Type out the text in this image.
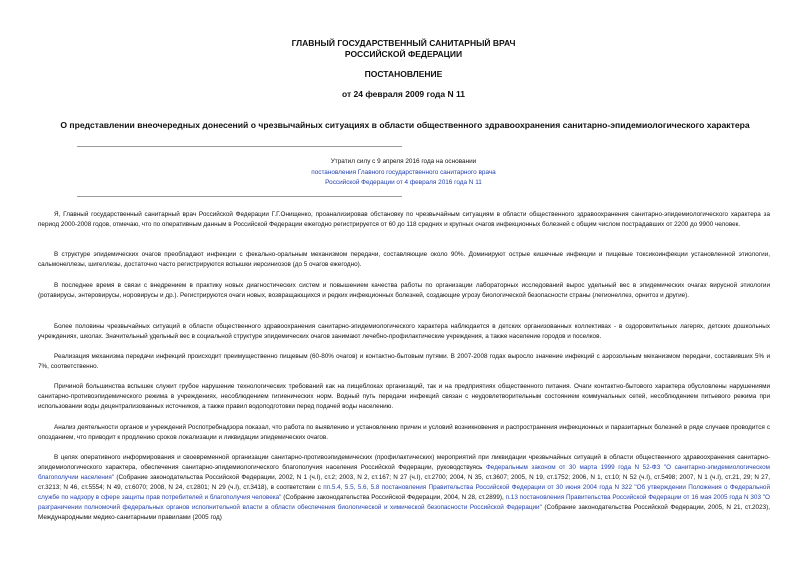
ГЛАВНЫЙ ГОСУДАРСТВЕННЫЙ САНИТАРНЫЙ ВРАЧ
РОССИЙСКОЙ ФЕДЕРАЦИИ
ПОСТАНОВЛЕНИЕ
от 24 февраля 2009 года N 11
О представлении внеочередных донесений о чрезвычайных ситуациях в области общественного здравоохранения санитарно-эпидемиологического характера
Утратил силу с 9 апреля 2016 года на основании
постановления Главного государственного санитарного врача
Российской Федерации от 4 февраля 2016 года N 11

Я, Главный государственный санитарный врач Российской Федерации Г.Г.Онищенко, проанализировав обстановку по чрезвычайным ситуациям в области общественного здравоохранения санитарно-эпидемиологического характера за период 2000-2008 годов, отмечаю, что по оперативным данным в Российской Федерации ежегодно регистрируется от 60 до 118 средних и крупных очагов инфекционных болезней с общим числом пострадавших от 2200 до 9900 человек.

В структуре эпидемических очагов преобладают инфекции с фекально-оральным механизмом передачи, составляющие около 90%. Доминируют острые кишечные инфекции и пищевые токсикоинфекции установленной этиологии, сальмонеллезы, шигеллезы, достаточно часто регистрируются вспышки иерсиниозов (до 5 очагов ежегодно).

В последнее время в связи с внедрением в практику новых диагностических систем и повышением качества работы по организации лабораторных исследований вырос удельный вес в эпидемических очагах вирусной этиологии (ротавирусы, энтеровирусы, норовирусы и др.). Регистрируются очаги новых, возвращающихся и редких инфекционных болезней, создающие угрозу биологической безопасности страны (легионеллез, орнитоз и другие).

Более половины чрезвычайных ситуаций в области общественного здравоохранения санитарно-эпидемиологического характера наблюдается в детских организованных коллективах - в оздоровительных лагерях, детских дошкольных учреждениях, школах. Значительный удельный вес в социальной структуре эпидемических очагов занимают лечебно-профилактические учреждения, а также население городов и поселков.

Реализация механизма передачи инфекций происходит преимущественно пищевым (60-80% очагов) и контактно-бытовым путями. В 2007-2008 годах выросло значение инфекций с аэрозольным механизмом передачи, составивших 5% и 7%, соответственно.

Причиной большинства вспышек служит грубое нарушение технологических требований как на пищеблоках организаций, так и на предприятиях общественного питания. Очаги контактно-бытового характера обусловлены нарушениями санитарно-противоэпидемического режима в учреждениях, несоблюдением гигиенических норм. Водный путь передачи инфекций связан с неудовлетворительным состоянием коммунальных сетей, несоблюдением питьевого режима при использовании воды децентрализованных источников, а также правил водоподготовки перед подачей воды населению.

Анализ деятельности органов и учреждений Роспотребнадзора показал, что работа по выявлению и установлению причин и условий возникновения и распространения инфекционных и паразитарных болезней в ряде случаев проводится с опозданием, что приводит к продлению сроков локализации и ликвидации эпидемических очагов.

В целях оперативного информирования и своевременной организации санитарно-противоэпидемических (профилактических) мероприятий при ликвидации чрезвычайных ситуаций в области общественного здравоохранения санитарно-эпидемиологического характера, обеспечения санитарно-эпидемиологического благополучия населения Российской Федерации, руководствуясь Федеральным законом от 30 марта 1999 года N 52-ФЗ "О санитарно-эпидемиологическом благополучии населения" (Собрание законодательства Российской Федерации, 2002, N 1 (ч.I), ст.2; 2003, N 2, ст.167; N 27 (ч.I), ст.2700; 2004, N 35, ст.3607; 2005, N 19, ст.1752; 2006, N 1, ст.10; N 52 (ч.I), ст.5498; 2007, N 1 (ч.I), ст.21, 29; N 27, ст.3213; N 46, ст.5554; N 49, ст.6070; 2008, N 24, ст.2801; N 29 (ч.I), ст.3418), в соответствии с пп.5.4, 5.5, 5.6, 5.8 постановления Правительства Российской Федерации от 30 июня 2004 года N 322 "Об утверждении Положения о Федеральной службе по надзору в сфере защиты прав потребителей и благополучия человека" (Собрание законодательства Российской Федерации, 2004, N 28, ст.2899), п.13 постановления Правительства Российской Федерации от 16 мая 2005 года N 303 "О разграничении полномочий федеральных органов исполнительной власти в области обеспечения биологической и химической безопасности Российской Федерации" (Собрание законодательства Российской Федерации, 2005, N 21, ст.2023), Международными медико-санитарными правилами (2005 год)
